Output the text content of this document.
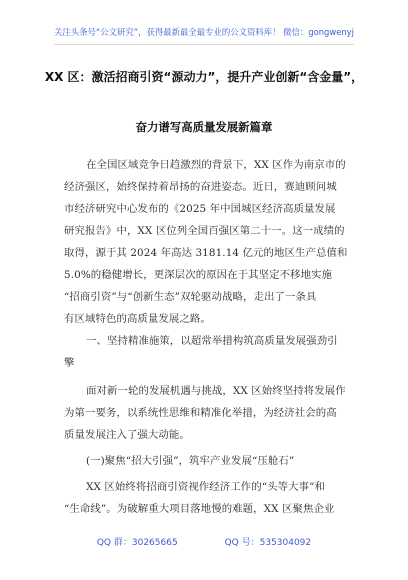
关注头条号“公文研究”，获得最新最全最专业的公文资料库！ 微信：gongwenyj
XX 区：激活招商引资“源动力”，提升产业创新“含金量”，
奋力谱写高质量发展新篇章
在全国区域竞争日趋激烈的背景下，XX 区作为南京市的
经济强区，始终保持着昂扬的奋进姿态。近日，赛迪顾问城
市经济研究中心发布的《2025 年中国城区经济高质量发展
研究报告》中，XX 区位列全国百强区第二十一。这一成绩的
取得，源于其 2024 年高达 3181.14 亿元的地区生产总值和
5.0%的稳健增长，更深层次的原因在于其坚定不移地实施
“招商引资”与“创新生态”双轮驱动战略，走出了一条具
有区域特色的高质量发展之路。
一、坚持精准施策，以超常举措构筑高质量发展强劲引
擎
面对新一轮的发展机遇与挑战，XX 区始终坚持将发展作
为第一要务，以系统性思维和精准化举措，为经济社会的高
质量发展注入了强大动能。
(一)聚焦“招大引强”，筑牢产业发展“压舱石”
XX 区始终将招商引资视作经济工作的“头等大事”和
“生命线”。为破解重大项目落地慢的难题，XX 区聚焦企业
QQ 群：30265665	QQ 号：535304092
